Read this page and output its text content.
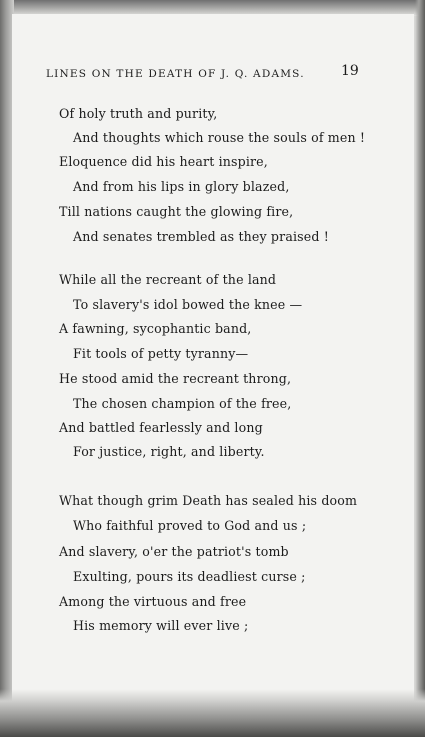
LINES ON THE DEATH OF J. Q. ADAMS.	19
Of holy truth and purity,
And thoughts which rouse the souls of men !
Eloquence did his heart inspire,
And from his lips in glory blazed,
Till nations caught the glowing fire,
And senates trembled as they praised !
While all the recreant of the land
To slavery's idol bowed the knee —
A fawning, sycophantic band,
Fit tools of petty tyranny—
He stood amid the recreant throng,
The chosen champion of the free,
And battled fearlessly and long
For justice, right, and liberty.
What though grim Death has sealed his doom
Who faithful proved to God and us ;
And slavery, o'er the patriot's tomb
Exulting, pours its deadliest curse ;
Among the virtuous and free
His memory will ever live ;
